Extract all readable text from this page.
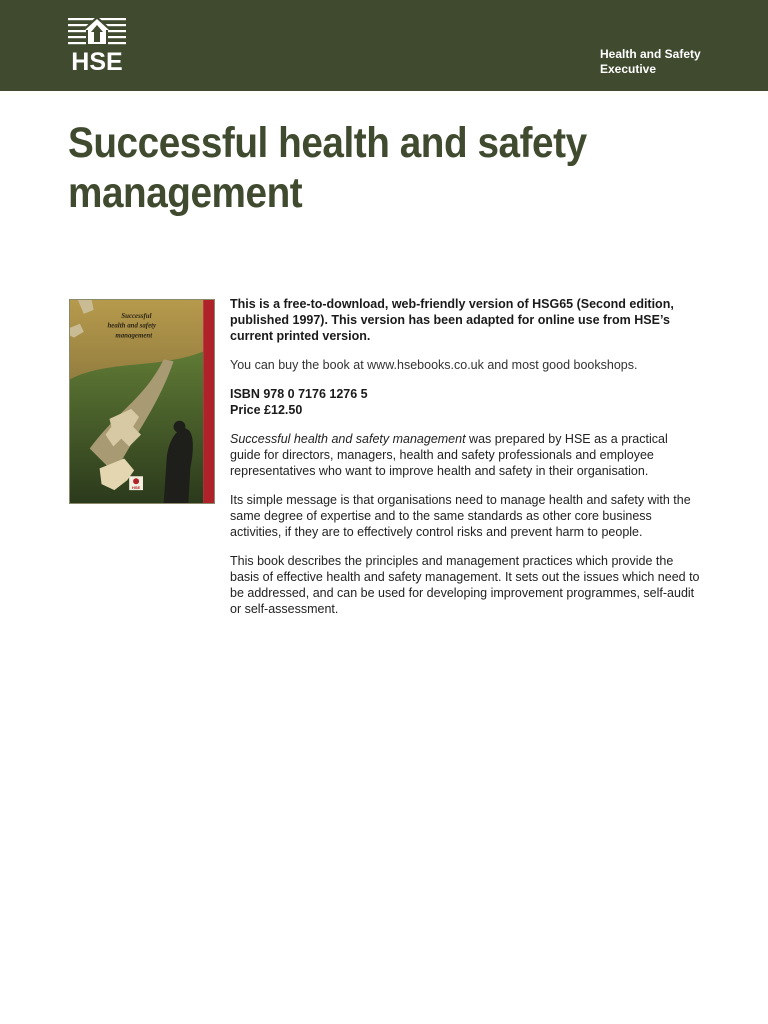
HSE	Health and Safety
Executive
Successful health and safety
management
Successful
health and safety
management
HSE

This is a free-to-download, web-friendly version of HSG65 (Second edition, published 1997). This version has been adapted for online use from HSE’s current printed version.

You can buy the book at www.hsebooks.co.uk and most good bookshops.

ISBN 978 0 7176 1276 5
Price £12.50

Successful health and safety management was prepared by HSE as a practical guide for directors, managers, health and safety professionals and employee representatives who want to improve health and safety in their organisation.

Its simple message is that organisations need to manage health and safety with the same degree of expertise and to the same standards as other core business activities, if they are to effectively control risks and prevent harm to people.

This book describes the principles and management practices which provide the basis of effective health and safety management. It sets out the issues which need to be addressed, and can be used for developing improvement programmes, self-audit or self-assessment.
